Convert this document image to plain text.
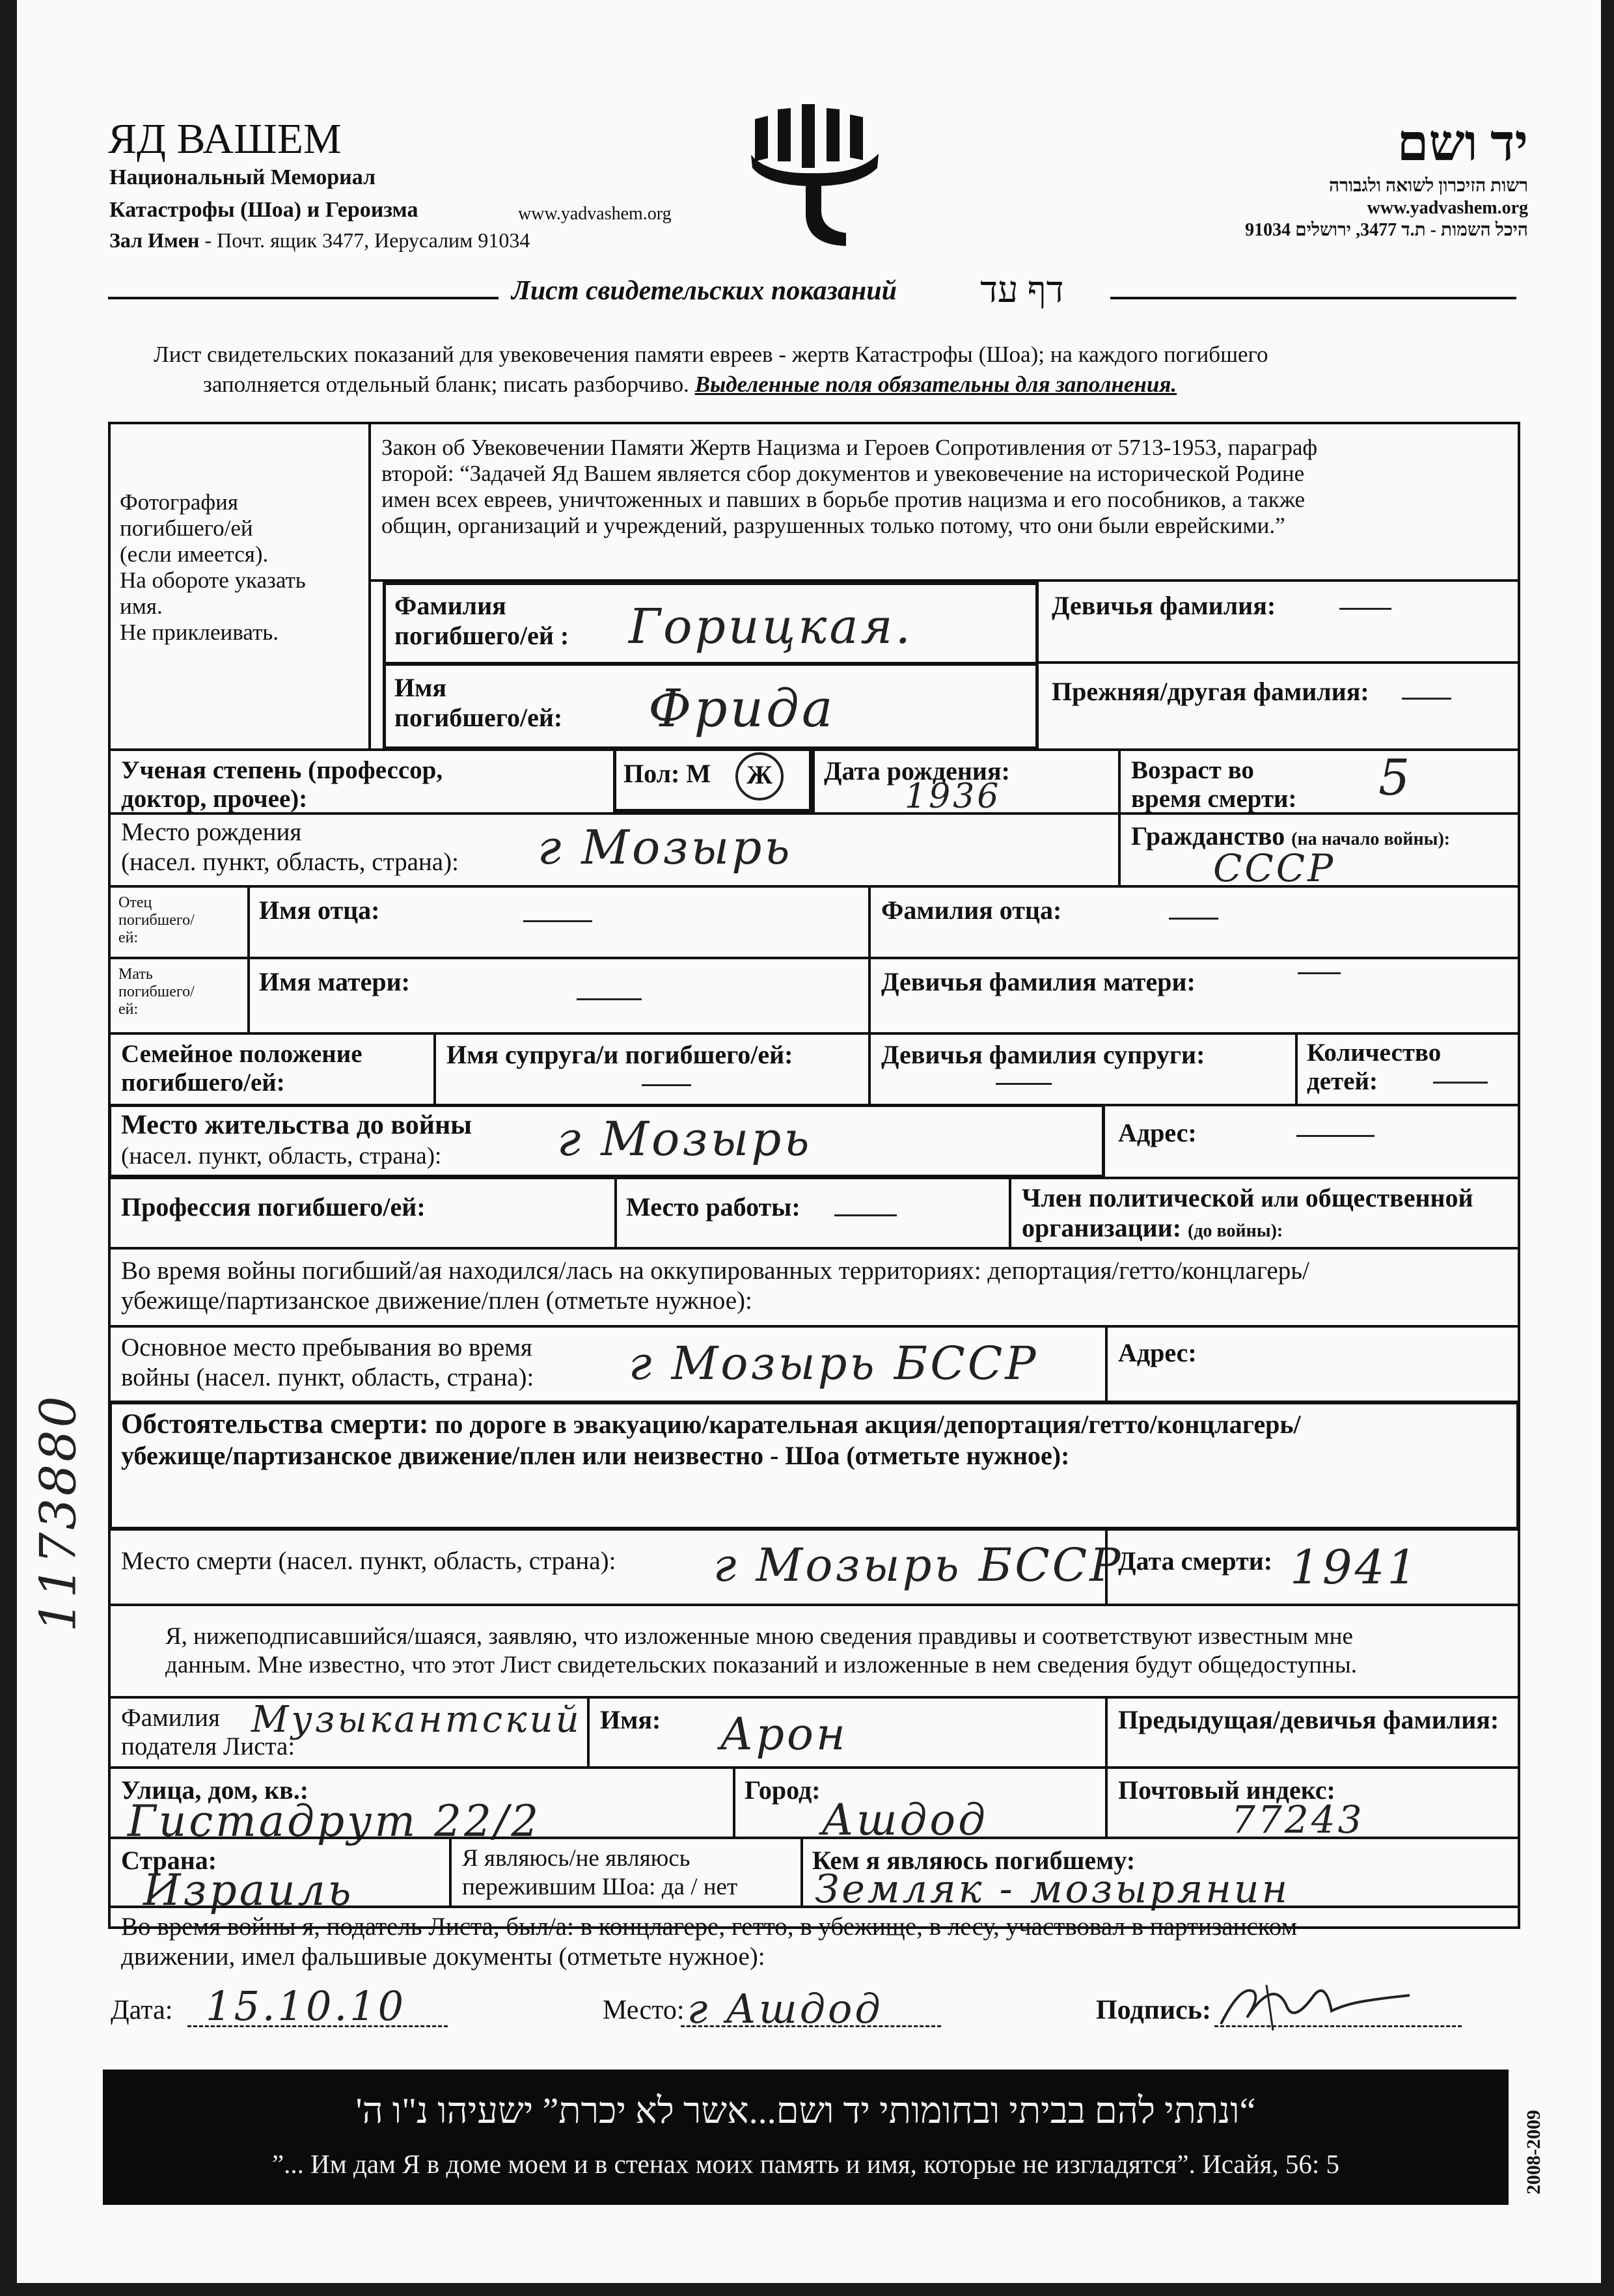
ЯД ВАШЕМ
Национальный Мемориал
Катастрофы (Шоа) и Героизма	www.yadvashem.org
Зал Имен - Почт. ящик 3477, Иерусалим 91034
יד ושם
רשות הזיכרון לשואה ולגבורה
www.yadvashem.org
היכל השמות - ת.ד 3477, ירושלים 91034
Лист свидетельских показаний דף עד
Лист свидетельских показаний для увековечения памяти евреев - жертв Катастрофы (Шоа); на каждого погибшего
заполняется отдельный бланк; писать разборчиво. Выделенные поля обязательны для заполнения.
Фотография
погибшего/ей
(если имеется).
На обороте указать
имя.
Не приклеивать.
Закон об Увековечении Памяти Жертв Нацизма и Героев Сопротивления от 5713-1953, параграф
второй: “Задачей Яд Вашем является сбор документов и увековечение на исторической Родине
имен всех евреев, уничтоженных и павших в борьбе против нацизма и его пособников, а также
общин, организаций и учреждений, разрушенных только потому, что они были еврейскими.”
Фамилия
погибшего/ей : Горицкая.	Девичья фамилия:
Имя
погибшего/ей: Фрида	Прежняя/другая фамилия:
Ученая степень (профессор,
доктор, прочее):
Пол: М	Ж	Дата рождения:
1936
Возраст во
время смерти: 5
Место рождения
(насел. пункт, область, страна): г Мозырь	Гражданство (на начало войны):
СССР
Отец
погибшего/
ей:
Имя отца:	Фамилия отца:
Мать
погибшего/
ей:
Имя матери:	Девичья фамилия матери:
Семейное положение
погибшего/ей:
Имя супруга/и погибшего/ей:	Девичья фамилия супруги:	Количество
детей:
Место жительства до войны
(насел. пункт, область, страна): г Мозырь	Адрес:
Профессия погибшего/ей:	Место работы:	Член политической или общественной
организации: (до войны):
Во время войны погибший/ая находился/лась на оккупированных территориях: депортация/гетто/концлагерь/
убежище/партизанское движение/плен (отметьте нужное):
Основное место пребывания во время
войны (насел. пункт, область, страна): г Мозырь БССР	Адрес:
Обстоятельства смерти: по дороге в эвакуацию/карательная акция/депортация/гетто/концлагерь/
убежище/партизанское движение/плен или неизвестно - Шоа (отметьте нужное):
Место смерти (насел. пункт, область, страна): г Мозырь БССР
Дата смерти: 1941
Я, нижеподписавшийся/шаяся, заявляю, что изложенные мною сведения правдивы и соответствуют известным мне
данным. Мне известно, что этот Лист свидетельских показаний и изложенные в нем сведения будут общедоступны.
Фамилия
подателя Листа:
Музыкантский Имя: Арон	Предыдущая/девичья фамилия:
Улица, дом, кв.:
Гистадрут 22/2
Город:
Ашдод
Почтовый индекс:
77243
Страна:
Израиль
Я являюсь/не являюсь
пережившим Шоа: да / нет
Кем я являюсь погибшему:
Земляк - мозырянин
Во время войны я, податель Листа, был/а: в концлагере, гетто, в убежище, в лесу, участвовал в партизанском
движении, имел фальшивые документы (отметьте нужное):
Дата: 15.10.10	Место: г Ашдод	Подпись:
1173880
2008-2009
“ונתתי להם בביתי ובחומותי יד ושם...אשר לא יכרת” ישעיהו נ"ו ה'
”... Им дам Я в доме моем и в стенах моих память и имя, которые не изгладятся”. Исайя, 56: 5
